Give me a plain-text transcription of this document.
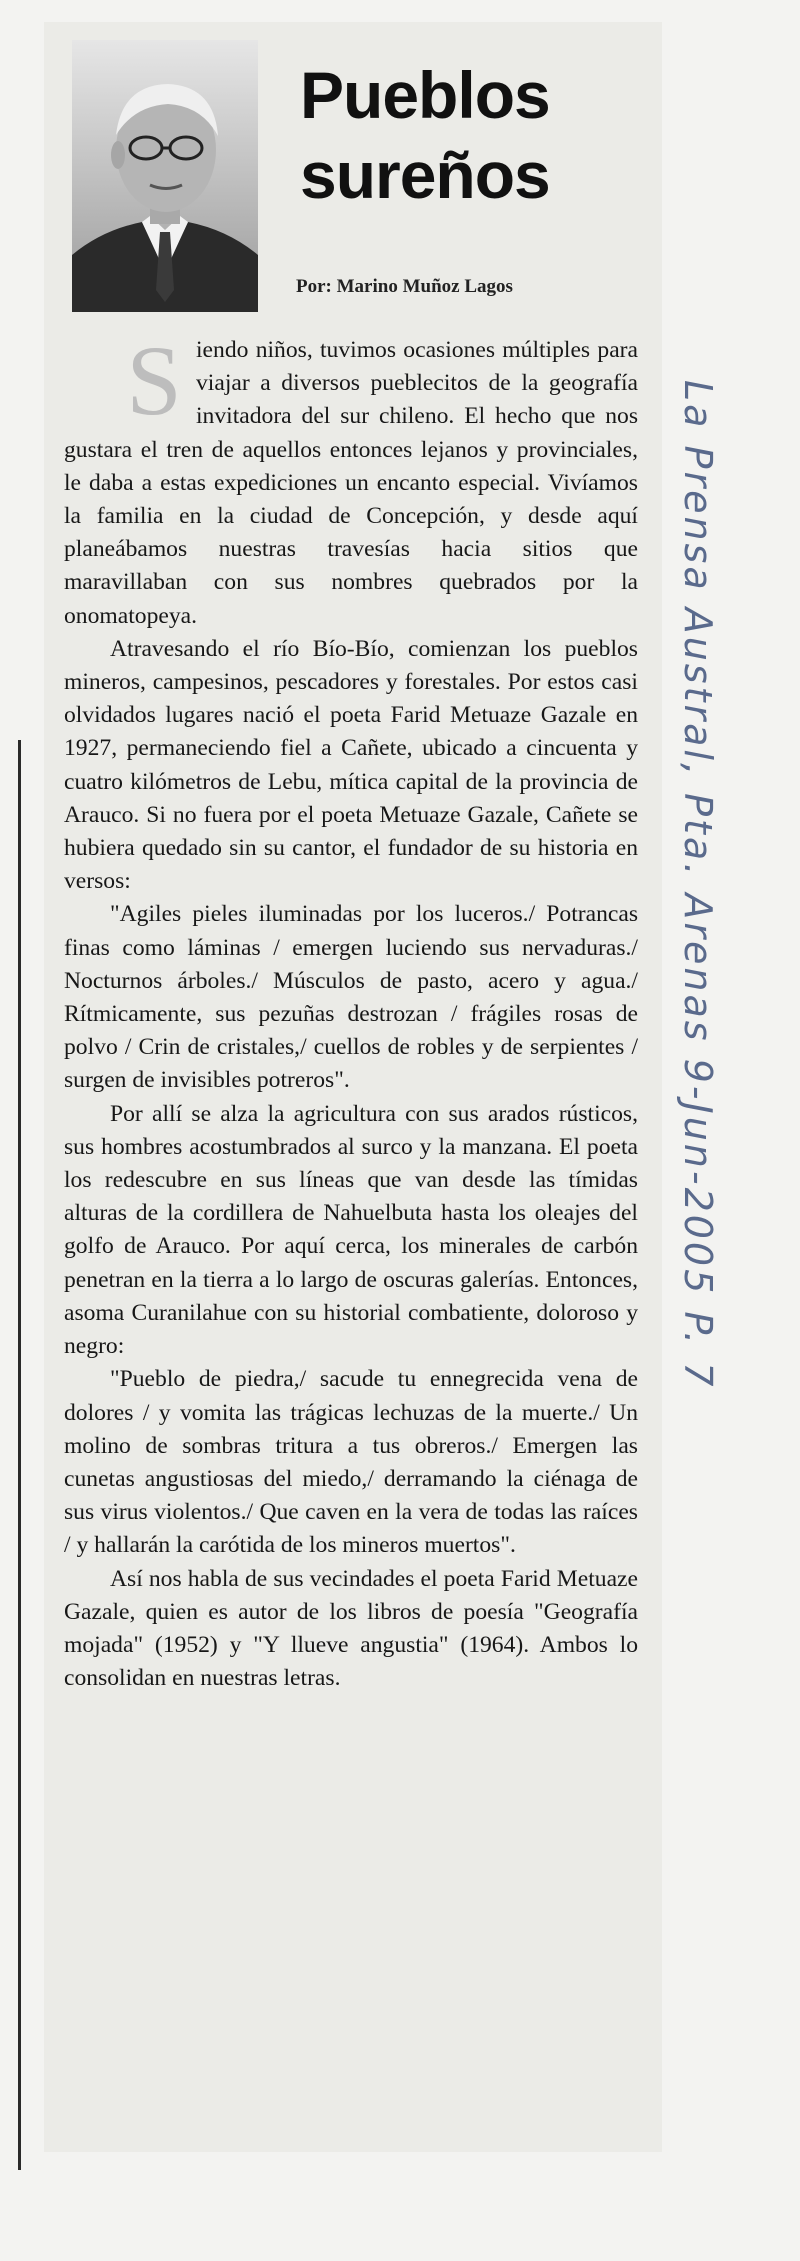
Pueblos
sureños
Por: Marino Muñoz Lagos

Siendo niños, tuvimos ocasiones múltiples para viajar a diversos pueblecitos de la geografía invitadora del sur chileno. El hecho que nos gustara el tren de aquellos entonces lejanos y provinciales, le daba a estas expediciones un encanto especial. Vivíamos la familia en la ciudad de Concepción, y desde aquí planeábamos nuestras travesías hacia sitios que maravillaban con sus nombres quebrados por la onomatopeya.

Atravesando el río Bío-Bío, comienzan los pueblos mineros, campesinos, pescadores y forestales. Por estos casi olvidados lugares nació el poeta Farid Metuaze Gazale en 1927, permaneciendo fiel a Cañete, ubicado a cincuenta y cuatro kilómetros de Lebu, mítica capital de la provincia de Arauco. Si no fuera por el poeta Metuaze Gazale, Cañete se hubiera quedado sin su cantor, el fundador de su historia en versos:

"Agiles pieles iluminadas por los luceros./ Potrancas finas como láminas / emergen luciendo sus nervaduras./ Nocturnos árboles./ Músculos de pasto, acero y agua./ Rítmicamente, sus pezuñas destrozan / frágiles rosas de polvo / Crin de cristales,/ cuellos de robles y de serpientes / surgen de invisibles potreros".

Por allí se alza la agricultura con sus arados rústicos, sus hombres acostumbrados al surco y la manzana. El poeta los redescubre en sus líneas que van desde las tímidas alturas de la cordillera de Nahuelbuta hasta los oleajes del golfo de Arauco. Por aquí cerca, los minerales de carbón penetran en la tierra a lo largo de oscuras galerías. Entonces, asoma Curanilahue con su historial combatiente, doloroso y negro:

"Pueblo de piedra,/ sacude tu ennegrecida vena de dolores / y vomita las trágicas lechuzas de la muerte./ Un molino de sombras tritura a tus obreros./ Emergen las cunetas angustiosas del miedo,/ derramando la ciénaga de sus virus violentos./ Que caven en la vera de todas las raíces / y hallarán la carótida de los mineros muertos".

Así nos habla de sus vecindades el poeta Farid Metuaze Gazale, quien es autor de los libros de poesía "Geografía mojada" (1952) y "Y llueve angustia" (1964). Ambos lo consolidan en nuestras letras.

La Prensa Austral, Pta. Arenas 9-Jun-2005 P. 7
